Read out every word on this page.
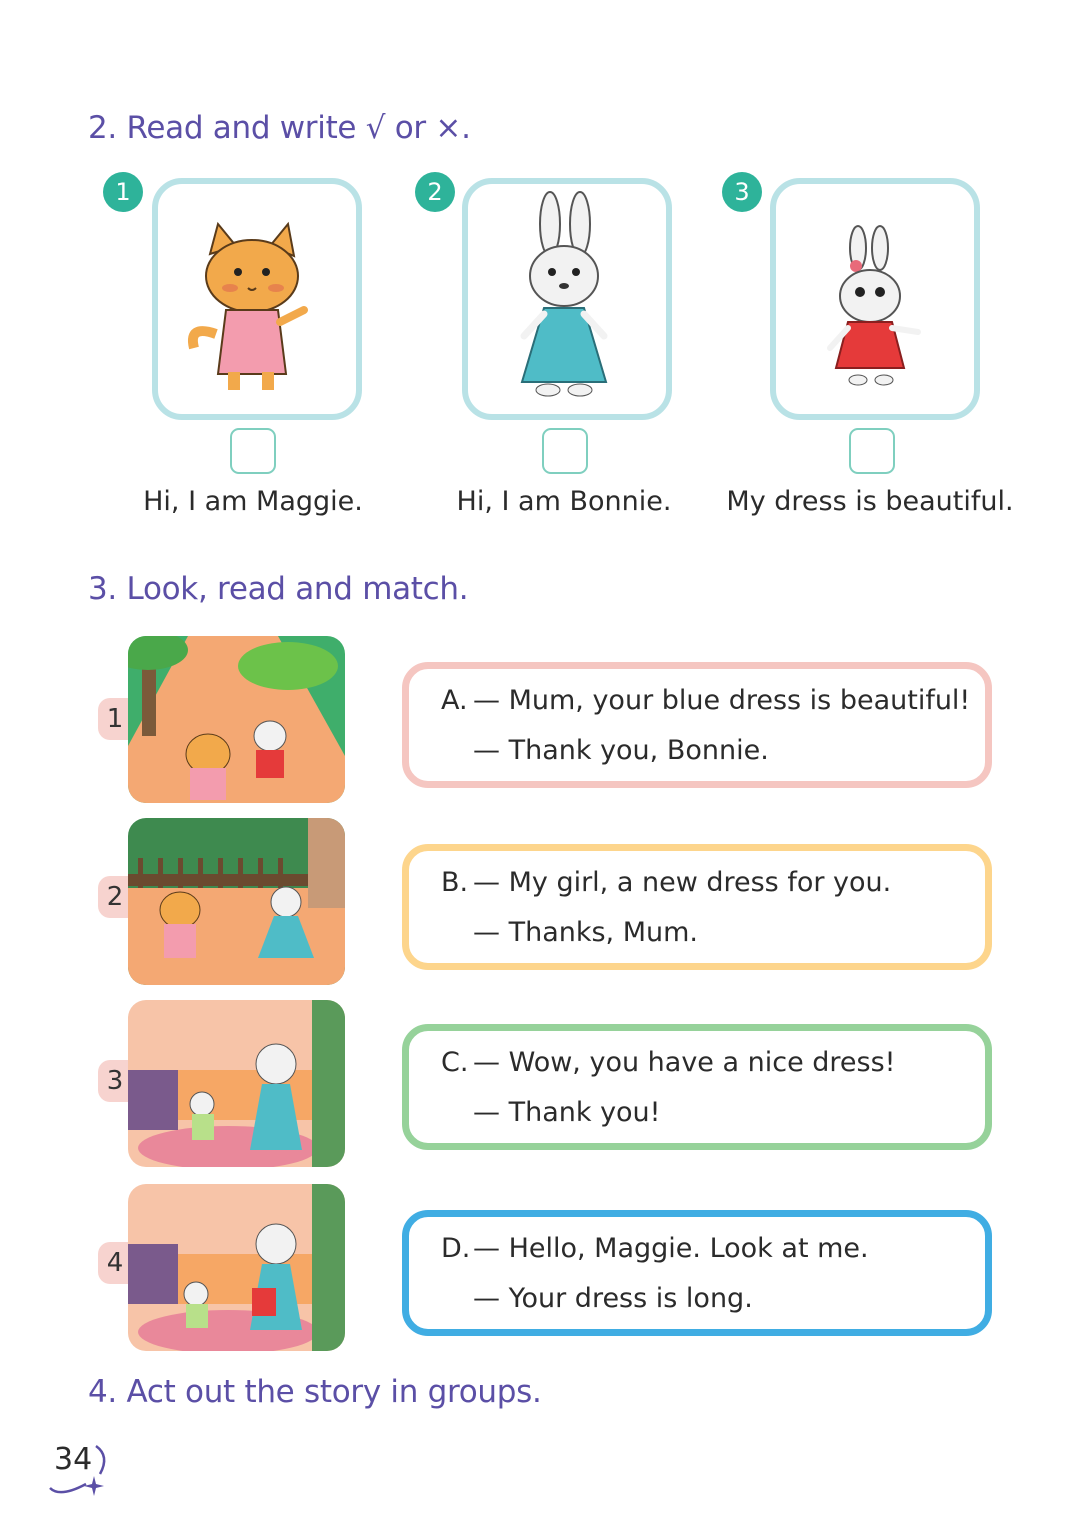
2. Read and write √ or ×.
1
Hi, I am Maggie.
2
Hi, I am Bonnie.
3
My dress is beautiful.
3. Look, read and match.
1
2
3
4
A. — Mum, your blue dress is beautiful!
— Thank you, Bonnie.
B. — My girl, a new dress for you.
— Thanks, Mum.
C. — Wow, you have a nice dress!
— Thank you!
D. — Hello, Maggie. Look at me.
— Your dress is long.
4. Act out the story in groups.
34
